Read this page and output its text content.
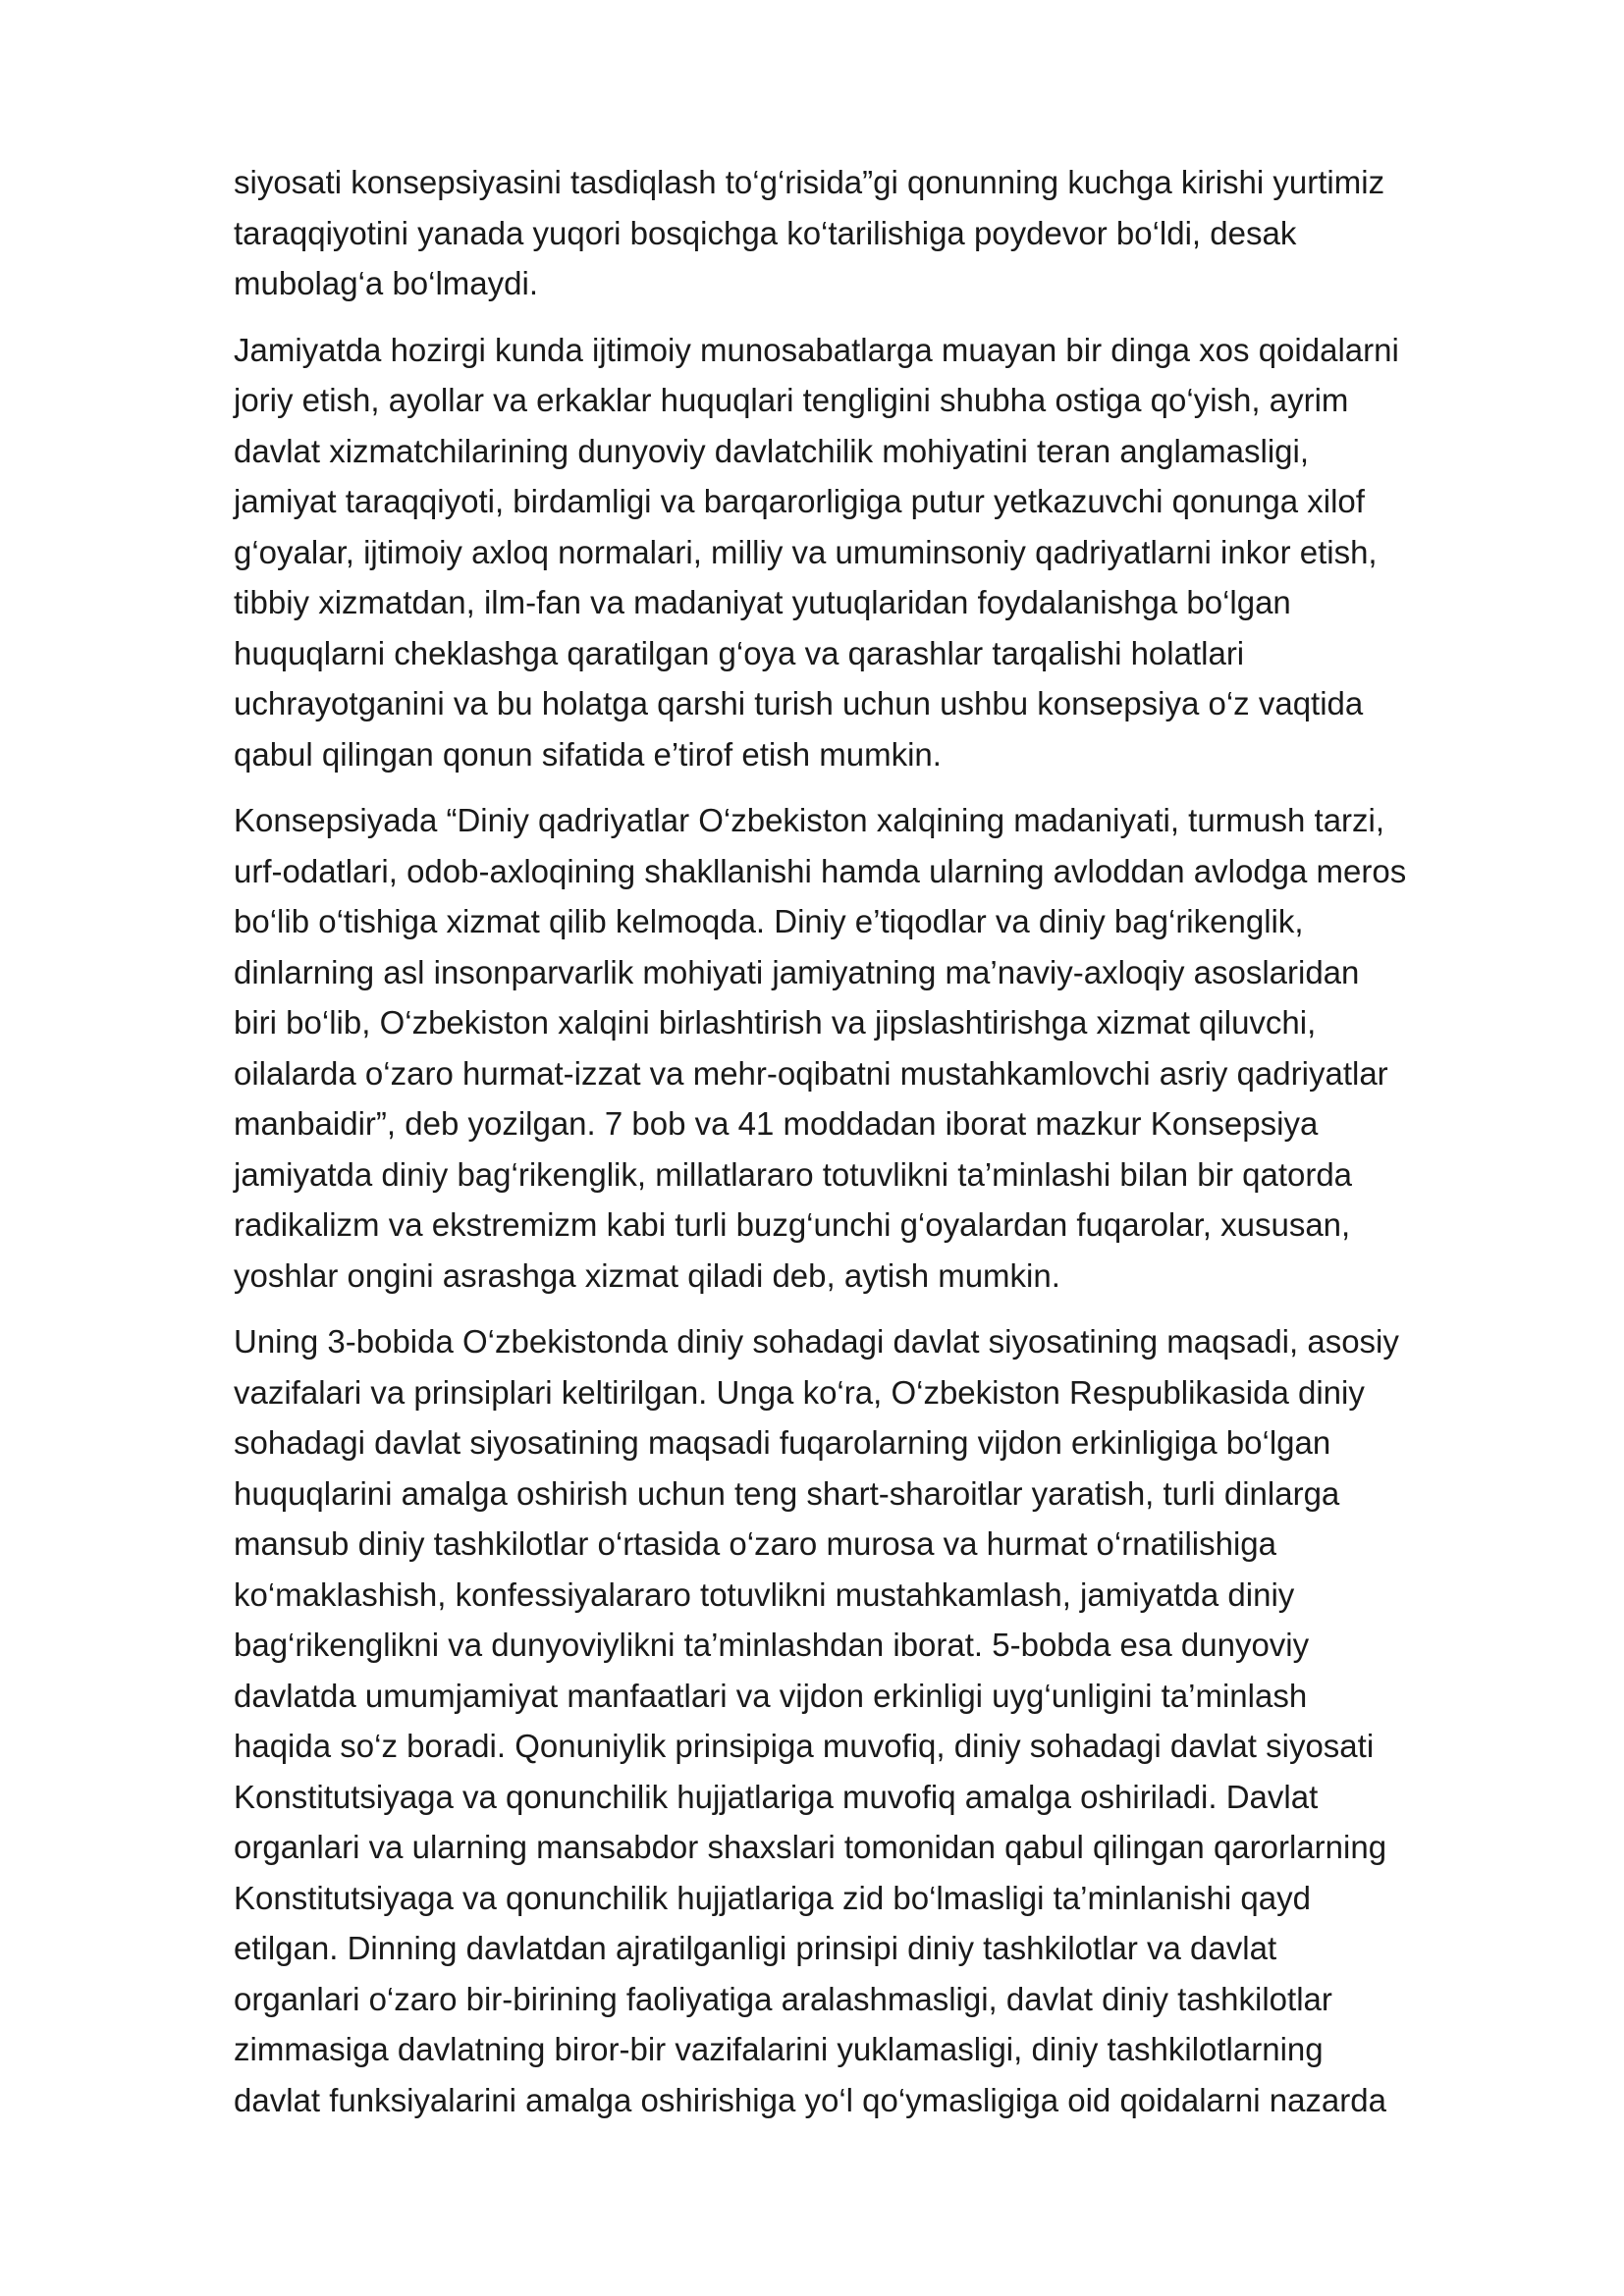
siyosati konsepsiyasini tasdiqlash to‘g‘risida”gi qonunning kuchga kirishi yurtimiz
taraqqiyotini yanada yuqori bosqichga ko‘tarilishiga poydevor bo‘ldi, desak
mubolag‘a bo‘lmaydi.

Jamiyatda hozirgi kunda ijtimoiy munosabatlarga muayan bir dinga xos qoidalarni
joriy etish, ayollar va erkaklar huquqlari tengligini shubha ostiga qo‘yish, ayrim
davlat xizmatchilarining dunyoviy davlatchilik mohiyatini teran anglamasligi,
jamiyat taraqqiyoti, birdamligi va barqarorligiga putur yetkazuvchi qonunga xilof
g‘oyalar, ijtimoiy axloq normalari, milliy va umuminsoniy qadriyatlarni inkor etish,
tibbiy xizmatdan, ilm-fan va madaniyat yutuqlaridan foydalanishga bo‘lgan
huquqlarni cheklashga qaratilgan g‘oya va qarashlar tarqalishi holatlari
uchrayotganini va bu holatga qarshi turish uchun ushbu konsepsiya o‘z vaqtida
qabul qilingan qonun sifatida e’tirof etish mumkin.

Konsepsiyada “Diniy qadriyatlar O‘zbekiston xalqining madaniyati, turmush tarzi,
urf-odatlari, odob-axloqining shakllanishi hamda ularning avloddan avlodga meros
bo‘lib o‘tishiga xizmat qilib kelmoqda. Diniy e’tiqodlar va diniy bag‘rikenglik,
dinlarning asl insonparvarlik mohiyati jamiyatning ma’naviy-axloqiy asoslaridan
biri bo‘lib, O‘zbekiston xalqini birlashtirish va jipslashtirishga xizmat qiluvchi,
oilalarda o‘zaro hurmat-izzat va mehr-oqibatni mustahkamlovchi asriy qadriyatlar
manbaidir”, deb yozilgan. 7 bob va 41 moddadan iborat mazkur Konsepsiya
jamiyatda diniy bag‘rikenglik, millatlararo totuvlikni ta’minlashi bilan bir qatorda
radikalizm va ekstremizm kabi turli buzg‘unchi g‘oyalardan fuqarolar, xususan,
yoshlar ongini asrashga xizmat qiladi deb, aytish mumkin.

Uning 3-bobida O‘zbekistonda diniy sohadagi davlat siyosatining maqsadi, asosiy
vazifalari va prinsiplari keltirilgan. Unga ko‘ra, O‘zbekiston Respublikasida diniy
sohadagi davlat siyosatining maqsadi fuqarolarning vijdon erkinligiga bo‘lgan
huquqlarini amalga oshirish uchun teng shart-sharoitlar yaratish, turli dinlarga
mansub diniy tashkilotlar o‘rtasida o‘zaro murosa va hurmat o‘rnatilishiga
ko‘maklashish, konfessiyalararo totuvlikni mustahkamlash, jamiyatda diniy
bag‘rikenglikni va dunyoviylikni ta’minlashdan iborat. 5-bobda esa dunyoviy
davlatda umumjamiyat manfaatlari va vijdon erkinligi uyg‘unligini ta’minlash
haqida so‘z boradi. Qonuniylik prinsipiga muvofiq, diniy sohadagi davlat siyosati
Konstitutsiyaga va qonunchilik hujjatlariga muvofiq amalga oshiriladi. Davlat
organlari va ularning mansabdor shaxslari tomonidan qabul qilingan qarorlarning
Konstitutsiyaga va qonunchilik hujjatlariga zid bo‘lmasligi ta’minlanishi qayd
etilgan. Dinning davlatdan ajratilganligi prinsipi diniy tashkilotlar va davlat
organlari o‘zaro bir-birining faoliyatiga aralashmasligi, davlat diniy tashkilotlar
zimmasiga davlatning biror-bir vazifalarini yuklamasligi, diniy tashkilotlarning
davlat funksiyalarini amalga oshirishiga yo‘l qo‘ymasligiga oid qoidalarni nazarda
